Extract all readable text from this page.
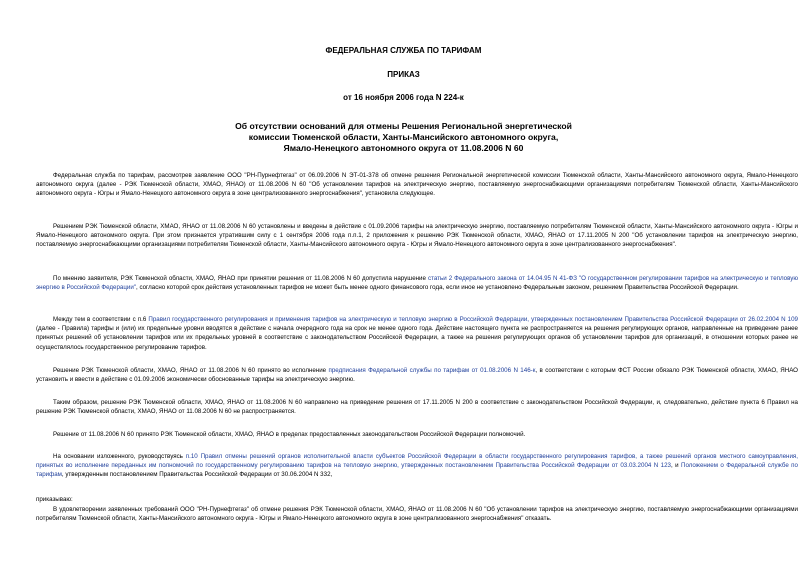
ФЕДЕРАЛЬНАЯ СЛУЖБА ПО ТАРИФАМ
ПРИКАЗ
от 16 ноября 2006 года N 224-к
Об отсутствии оснований для отмены Решения Региональной энергетической
комиссии Тюменской области, Ханты-Мансийского автономного округа,
Ямало-Ненецкого автономного округа от 11.08.2006 N 60

Федеральная служба по тарифам, рассмотрев заявление ООО "РН-Пурнефтегаз" от 06.09.2006 N ЭТ-01-378 об отмене решения Региональной энергетической комиссии Тюменской области, Ханты-Мансийского автономного округа, Ямало-Ненецкого автономного округа (далее - РЭК Тюменской области, ХМАО, ЯНАО) от 11.08.2006 N 60 "Об установлении тарифов на электрическую энергию, поставляемую энергоснабжающими организациями потребителям Тюменской области, Ханты-Мансийского автономного округа - Югры и Ямало-Ненецкого автономного округа в зоне централизованного энергоснабжения", установила следующее.

Решением РЭК Тюменской области, ХМАО, ЯНАО от 11.08.2006 N 60 установлены и введены в действие с 01.09.2006 тарифы на электрическую энергию, поставляемую потребителям Тюменской области, Ханты-Мансийского автономного округа - Югры и Ямало-Ненецкого автономного округа. При этом признается утратившим силу с 1 сентября 2006 года п.п.1, 2 приложения к решению РЭК Тюменской области, ХМАО, ЯНАО от 17.11.2005 N 200 "Об установлении тарифов на электрическую энергию, поставляемую энергоснабжающими организациями потребителям Тюменской области, Ханты-Мансийского автономного округа - Югры и Ямало-Ненецкого автономного округа в зоне централизованного энергоснабжения".

По мнению заявителя, РЭК Тюменской области, ХМАО, ЯНАО при принятии решения от 11.08.2006 N 60 допустила нарушение статьи 2 Федерального закона от 14.04.95 N 41-ФЗ "О государственном регулировании тарифов на электрическую и тепловую энергию в Российской Федерации", согласно которой срок действия установленных тарифов не может быть менее одного финансового года, если иное не установлено Федеральным законом, решением Правительства Российской Федерации.

Между тем в соответствии с п.6 Правил государственного регулирования и применения тарифов на электрическую и тепловую энергию в Российской Федерации, утвержденных постановлением Правительства Российской Федерации от 26.02.2004 N 109 (далее - Правила) тарифы и (или) их предельные уровни вводятся в действие с начала очередного года на срок не менее одного года. Действие настоящего пункта не распространяется на решения регулирующих органов, направленные на приведение ранее принятых решений об установлении тарифов или их предельных уровней в соответствие с законодательством Российской Федерации, а также на решения регулирующих органов об установлении тарифов для организаций, в отношении которых ранее не осуществлялось государственное регулирование тарифов.

Решение РЭК Тюменской области, ХМАО, ЯНАО от 11.08.2006 N 60 принято во исполнение предписания Федеральной службы по тарифам от 01.08.2006 N 146-к, в соответствии с которым ФСТ России обязало РЭК Тюменской области, ХМАО, ЯНАО установить и ввести в действие с 01.09.2006 экономически обоснованные тарифы на электрическую энергию.

Таким образом, решение РЭК Тюменской области, ХМАО, ЯНАО от 11.08.2006 N 60 направлено на приведение решения от 17.11.2005 N 200 в соответствие с законодательством Российской Федерации, и, следовательно, действие пункта 6 Правил на решение РЭК Тюменской области, ХМАО, ЯНАО от 11.08.2006 N 60 не распространяется.

Решение от 11.08.2006 N 60 принято РЭК Тюменской области, ХМАО, ЯНАО в пределах предоставленных законодательством Российской Федерации полномочий.

На основании изложенного, руководствуясь п.10 Правил отмены решений органов исполнительной власти субъектов Российской Федерации в области государственного регулирования тарифов, а также решений органов местного самоуправления, принятых во исполнение переданных им полномочий по государственному регулированию тарифов на тепловую энергию, утвержденных постановлением Правительства Российской Федерации от 03.03.2004 N 123, и Положением о Федеральной службе по тарифам, утвержденным постановлением Правительства Российской Федерации от 30.06.2004 N 332,

приказываю:

В удовлетворении заявленных требований ООО "РН-Пурнефтегаз" об отмене решения РЭК Тюменской области, ХМАО, ЯНАО от 11.08.2006 N 60 "Об установлении тарифов на электрическую энергию, поставляемую энергоснабжающими организациями потребителям Тюменской области, Ханты-Мансийского автономного округа - Югры и Ямало-Ненецкого автономного округа в зоне централизованного энергоснабжения" отказать.
